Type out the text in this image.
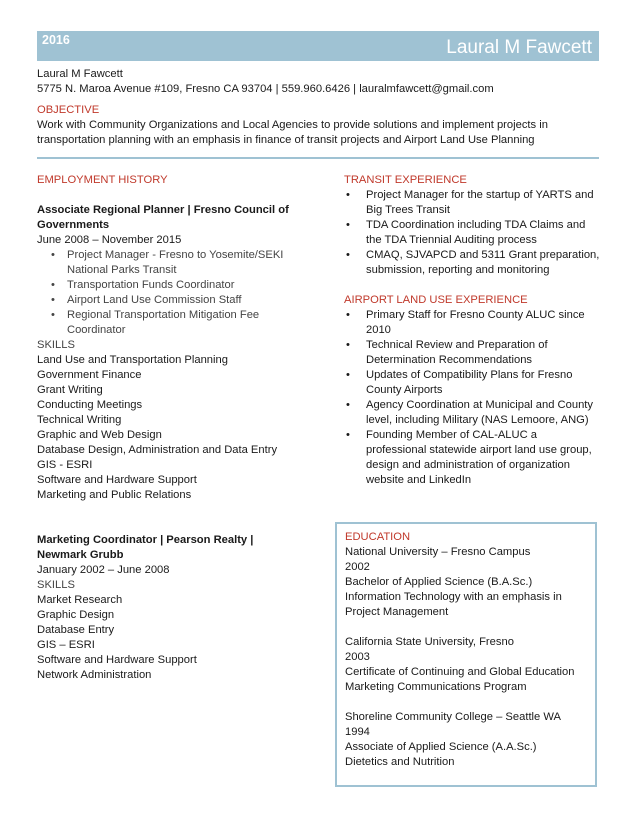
2016	Laural M Fawcett
Laural M Fawcett
5775 N. Maroa Avenue #109, Fresno CA 93704 | 559.960.6426 | lauralmfawcett@gmail.com
OBJECTIVE
Work with Community Organizations and Local Agencies to provide solutions and implement projects in transportation planning with an emphasis in finance of transit projects and Airport Land Use Planning
EMPLOYMENT HISTORY
Associate Regional Planner | Fresno Council of Governments
June 2008 – November 2015
• Project Manager - Fresno to Yosemite/SEKI National Parks Transit
• Transportation Funds Coordinator
• Airport Land Use Commission Staff
• Regional Transportation Mitigation Fee Coordinator
SKILLS
Land Use and Transportation Planning
Government Finance
Grant Writing
Conducting Meetings
Technical Writing
Graphic and Web Design
Database Design, Administration and Data Entry
GIS - ESRI
Software and Hardware Support
Marketing and Public Relations
Marketing Coordinator | Pearson Realty | Newmark Grubb
January 2002 – June 2008
SKILLS
Market Research
Graphic Design
Database Entry
GIS – ESRI
Software and Hardware Support
Network Administration
TRANSIT EXPERIENCE
• Project Manager for the startup of YARTS and Big Trees Transit
• TDA Coordination including TDA Claims and the TDA Triennial Auditing process
• CMAQ, SJVAPCD and 5311 Grant preparation, submission, reporting and monitoring
AIRPORT LAND USE EXPERIENCE
• Primary Staff for Fresno County ALUC since 2010
• Technical Review and Preparation of Determination Recommendations
• Updates of Compatibility Plans for Fresno County Airports
• Agency Coordination at Municipal and County level, including Military (NAS Lemoore, ANG)
• Founding Member of CAL-ALUC a professional statewide airport land use group, design and administration of organization website and LinkedIn
EDUCATION
National University – Fresno Campus
2002
Bachelor of Applied Science (B.A.Sc.)
Information Technology with an emphasis in Project Management
California State University, Fresno
2003
Certificate of Continuing and Global Education
Marketing Communications Program
Shoreline Community College – Seattle WA
1994
Associate of Applied Science (A.A.Sc.)
Dietetics and Nutrition
